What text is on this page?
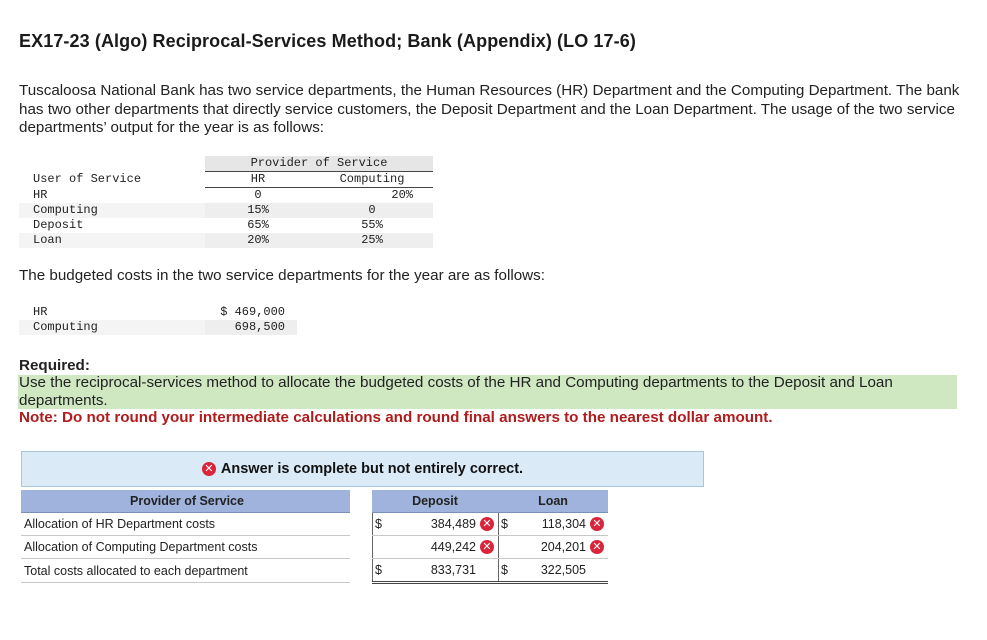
EX17-23 (Algo) Reciprocal-Services Method; Bank (Appendix) (LO 17-6)

Tuscaloosa National Bank has two service departments, the Human Resources (HR) Department and the Computing Department. The bank has two other departments that directly service customers, the Deposit Department and the Loan Department. The usage of the two service departments’ output for the year is as follows:

	Provider of Service	
User of Service	HR	Computing
HR	0	20%
Computing	15%	0
Deposit	65%	55%
Loan	20%	25%

The budgeted costs in the two service departments for the year are as follows:

HR	$ 469,000
Computing	698,500

Required:

Use the reciprocal-services method to allocate the budgeted costs of the HR and Computing departments to the Deposit and Loan departments.

Note: Do not round your intermediate calculations and round final answers to the nearest dollar amount.

✕ Answer is complete but not entirely correct.
Provider of Service		Deposit	Loan
Allocation of HR Department costs		$ 384,489 ✕	$ 118,304 ✕

Allocation of Computing Department costs		449,242 ✕	204,201 ✕

Total costs allocated to each department		$ 833,731	$ 322,505
